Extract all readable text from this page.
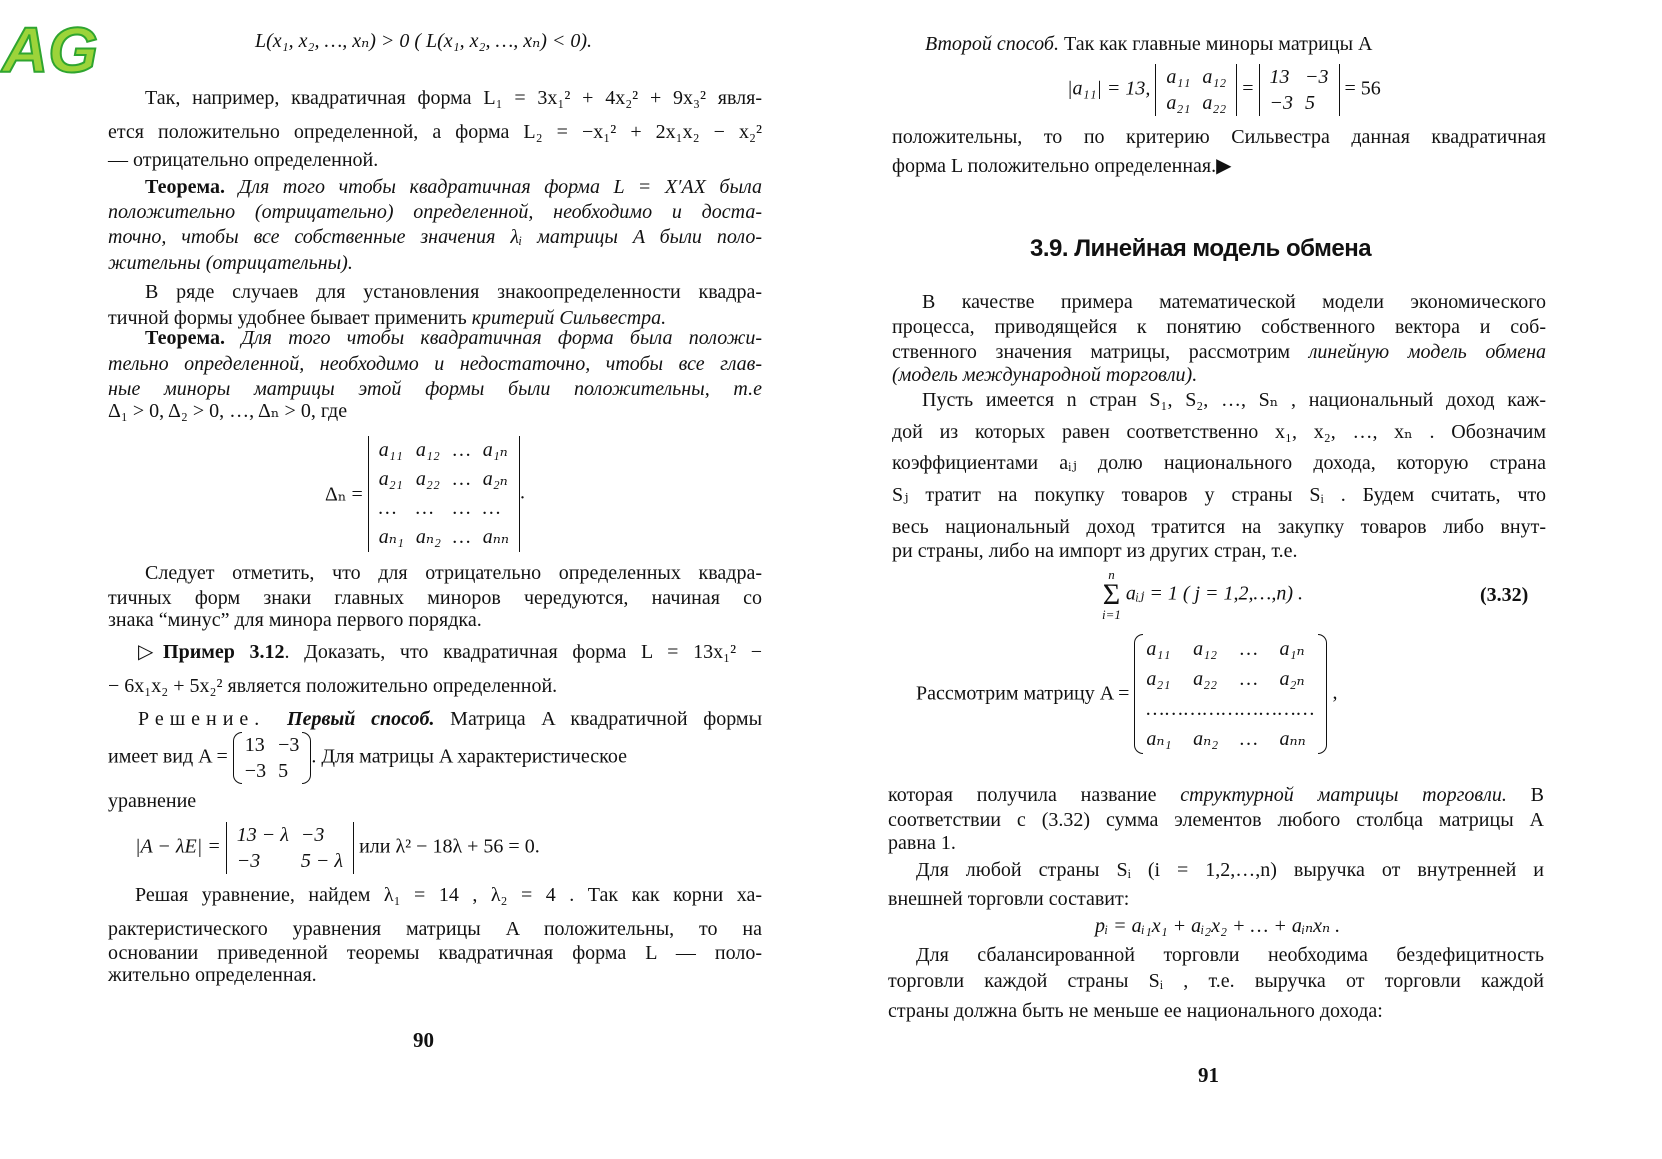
AG	L(x₁, x₂, …, xₙ) > 0 ( L(x₁, x₂, …, xₙ) < 0).
Так, например, квадратичная форма L₁ = 3x₁² + 4x₂² + 9x₃² явля-
ется положительно определенной, а форма L₂ = −x₁² + 2x₁x₂ − x₂²
— отрицательно определенной.
Теорема. Для того чтобы квадратичная форма L = X′AX была
положительно (отрицательно) определенной, необходимо и доста-
точно, чтобы все собственные значения λᵢ матрицы A были поло-
жительны (отрицательны).
В ряде случаев для установления знакоопределенности квадра-
тичной формы удобнее бывает применить критерий Сильвестра.
Теорема. Для того чтобы квадратичная форма была положи-
тельно определенной, необходимо и недостаточно, чтобы все глав-
ные миноры матрицы этой формы были положительны, т.е
Δ₁ > 0, Δ₂ > 0, …, Δₙ > 0, где
Следует отметить, что для отрицательно определенных квадра-
тичных форм знаки главных миноров чередуются, начиная со
знака “минус” для минора первого порядка.
▷Пример 3.12. Доказать, что квадратичная форма L = 13x₁² −
− 6x₁x₂ + 5x₂² является положительно определенной.
Решение. Первый способ. Матрица A квадратичной формы
уравнение
Решая уравнение, найдем λ₁ = 14 , λ₂ = 4 . Так как корни ха-
рактеристического уравнения матрицы A положительны, то на
основании приведенной теоремы квадратичная форма L — поло-
жительно определенная.
Δₙ =
a₁₁ a₁₂ … a₁ₙ
a₂₁ a₂₂ … a₂ₙ
… … … …
aₙ₁ aₙ₂ … aₙₙ
.
имеет вид A =
13 −3
−3 5
. Для матрицы A характеристическое
|A − λE| =
13 − λ −3
−3	5 − λ
или λ² − 18λ + 56 = 0.
90
Второй способ. Так как главные миноры матрицы A
положительны, то по критерию Сильвестра данная квадратичная
форма L положительно определенная.▶
|a₁₁| = 13,
a₁₁ a₁₂
a₂₁ a₂₂
=
13 −3
−3 5
= 56
3.9. Линейная модель обмена
В качестве примера математической модели экономического
процесса, приводящейся к понятию собственного вектора и соб-
ственного значения матрицы, рассмотрим линейную модель обмена
(модель международной торговли).
Пусть имеется n стран S₁, S₂, …, Sₙ , национальный доход каж-
дой из которых равен соответственно x₁, x₂, …, xₙ . Обозначим
коэффициентами aᵢⱼ долю национального дохода, которую страна
Sⱼ тратит на покупку товаров у страны Sᵢ . Будем считать, что
весь национальный доход тратится на закупку товаров либо внут-
ри страны, либо на импорт из других стран, т.е.
которая получила название структурной матрицы торговли. В
соответствии с (3.32) сумма элементов любого столбца матрицы A
равна 1.
Для любой страны Sᵢ (i = 1,2,…,n) выручка от внутренней и
внешней торговли составит:
Для сбалансированной торговли необходима бездефицитность
торговли каждой страны Sᵢ , т.е. выручка от торговли каждой
страны должна быть не меньше ее национального дохода:
n
Σ
i=1
aᵢⱼ = 1 ( j = 1,2,…,n) .	(3.32)
Рассмотрим матрицу A =
a₁₁	a₁₂	…	a₁ₙ
a₂₁	a₂₂	…	a₂ₙ
………………………
aₙ₁	aₙ₂	…	aₙₙ
,
pᵢ = aᵢ₁x₁ + aᵢ₂x₂ + … + aᵢₙxₙ .
91
